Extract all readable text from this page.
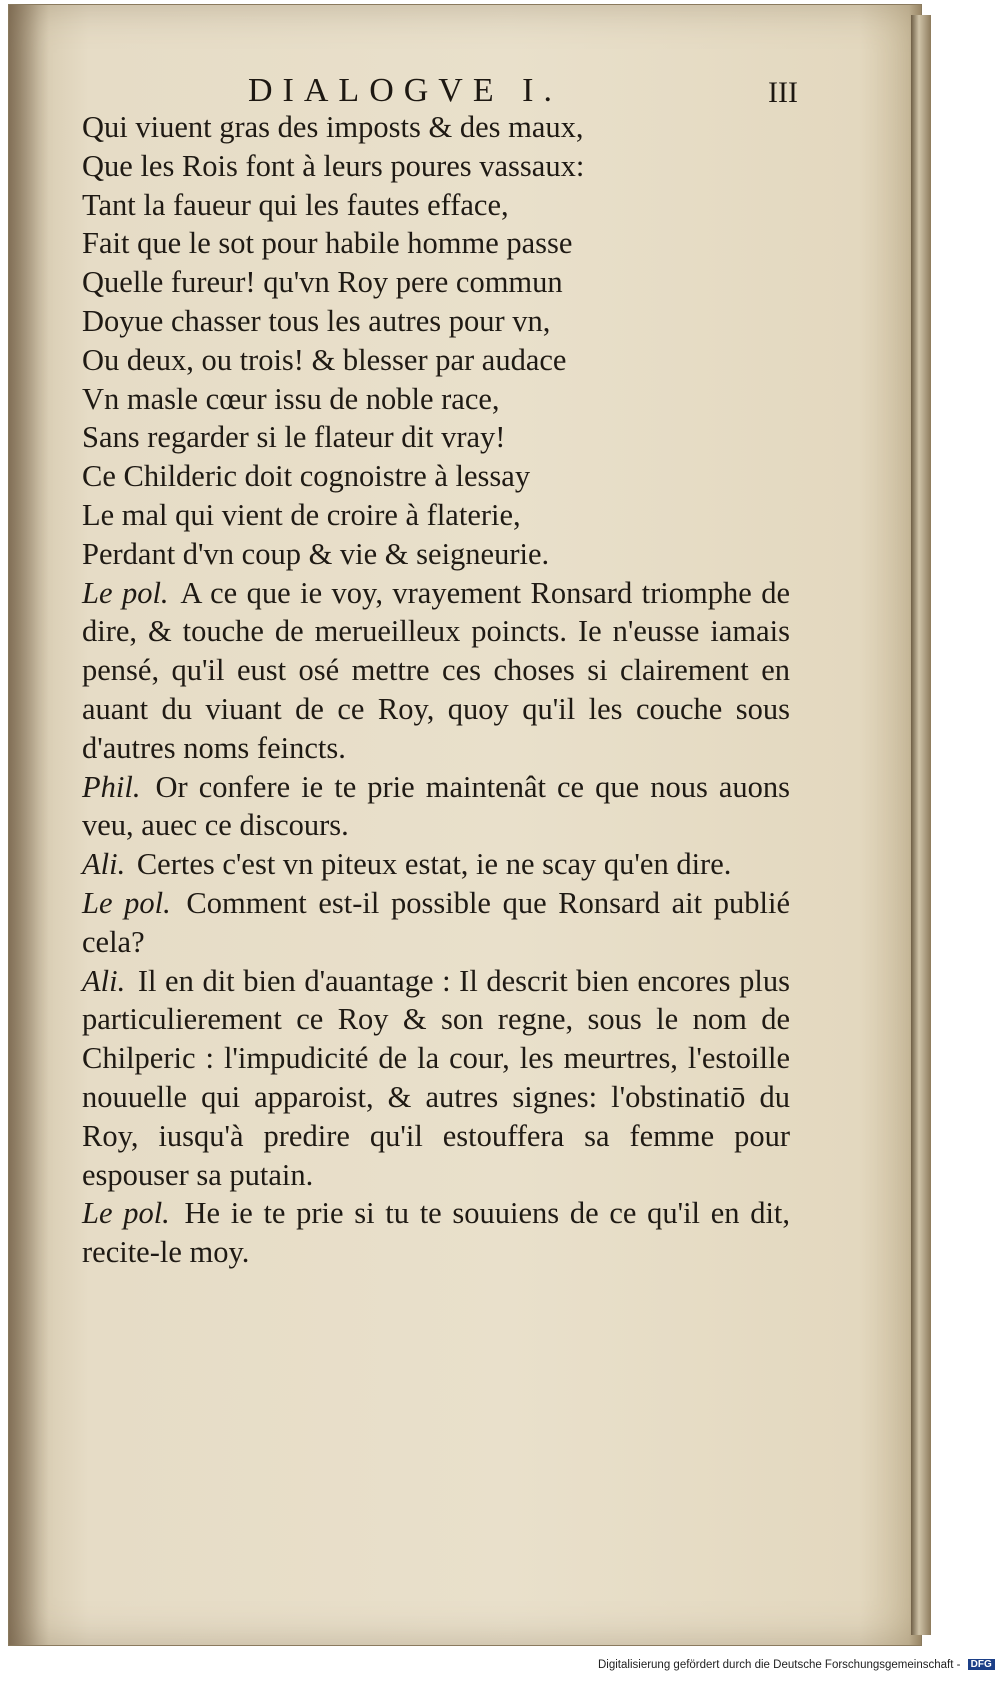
DIALOGVE I.	III
Qui viuent gras des imposts & des maux,
Que les Rois font à leurs poures vassaux:
Tant la faueur qui les fautes efface,
Fait que le sot pour habile homme passe
Quelle fureur! qu'vn Roy pere commun
Doyue chasser tous les autres pour vn,
Ou deux, ou trois! & blesser par audace
Vn masle cœur issu de noble race,
Sans regarder si le flateur dit vray!
Ce Childeric doit cognoistre à lessay
Le mal qui vient de croire à flaterie,
Perdant d'vn coup & vie & seigneurie.

Le pol. A ce que ie voy, vrayement Ronsard triomphe de dire, & touche de merueilleux poincts. Ie n'eusse iamais pensé, qu'il eust osé mettre ces choses si clairement en auant du viuant de ce Roy, quoy qu'il les couche sous d'autres noms feincts.

Phil. Or confere ie te prie maintenât ce que nous auons veu, auec ce discours.

Ali. Certes c'est vn piteux estat, ie ne scay qu'en dire.

Le pol. Comment est-il possible que Ronsard ait publié cela?

Ali. Il en dit bien d'auantage : Il descrit bien encores plus particulierement ce Roy & son regne, sous le nom de Chilperic : l'impudicité de la cour, les meurtres, l'estoille nouuelle qui apparoist, & autres signes: l'obstinatiō du Roy, iusqu'à predire qu'il estouffera sa femme pour espouser sa putain.

Le pol. He ie te prie si tu te souuiens de ce qu'il en dit, recite-le moy.

Digitalisierung gefördert durch die Deutsche Forschungsgemeinschaft - DFG
